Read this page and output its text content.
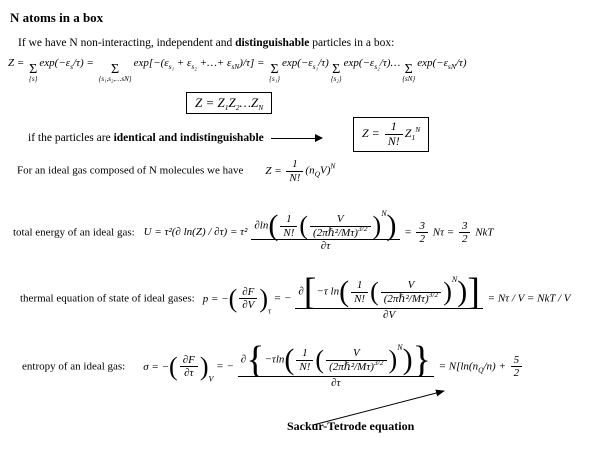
N atoms in a box
If we have N non-interacting, independent and distinguishable particles in a box:
Z = Σ
{s}
$\exp(-\varepsilon_s/\tau) = \Sigma$
{s₁,s₂,…sN}
$\exp[-(\varepsilon_{s_1} + \varepsilon_{s_2}$ +…+ $\varepsilon_{sN})/\tau] = \Sigma$
{s₁}
$\exp(-\varepsilon_{s_1}/\tau)$ Σ
{s₂}
$\exp(-\varepsilon_{s_2}/\tau)\dots$ Σ
{sN}
$\exp(-\varepsilon_{sN}/\tau)$
$Z = Z_1Z_2\dots Z_N$
if the particles are identical and indistinguishable	$Z = \frac{1}{N!} Z_1^N$
For an ideal gas composed of N molecules we have $Z = \frac{1}{N!} (n_QV)^N$
total energy of an ideal gas: U = τ²(∂ $\ln(Z) / \partial\tau) = \tau^2 \frac{\partial\ln( \frac{1}{N!} ( \frac{V}{(2\pi\hbar^2/M\tau)^{3/2}} )^N)}{\partial\tau} = \frac{3}{2}$ $N\tau = \frac{3}{2}$ NkT
thermal equation of state of ideal gases: p = −( $\frac{\partial F}{\partial V} )_\tau$ = − $\frac{\partial[-\tau \ln( \frac{1}{N!} ( \frac{V}{(2\pi\hbar^2/M\tau)^{3/2}} )^N)]}{\partial V} = N\tau / V$ = NkT / V
entropy of an ideal gas: σ = −( $\frac{\partial F}{\partial\tau} )_V$ = − $\frac{\partial\{-\tau\ln( \frac{1}{N!} ( \frac{V}{(2\pi\hbar^2/M\tau)^{3/2}} )^N)\}}{\partial\tau} = N[\ln(n_Q/n) + \frac{5}{2}$
Sackur-Tetrode equation
